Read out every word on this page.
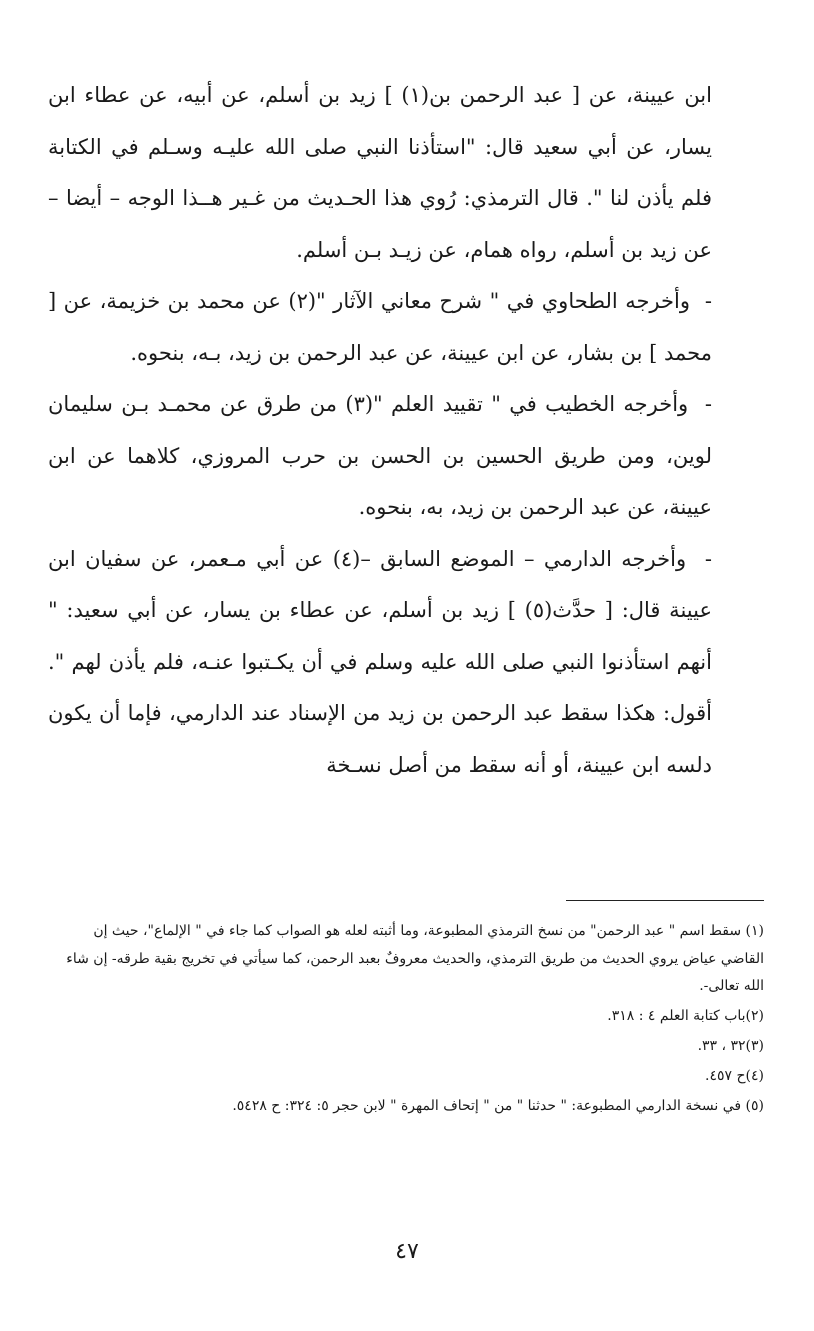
ابن عيينة، عن [ عبد الرحمن بن(١) ] زيد بن أسلم، عن أبيه، عن عطاء ابن يسار، عن أبي سعيد قال: "استأذنا النبي صلى الله عليـه وسـلم في الكتابة فلم يأذن لنا ". قال الترمذي: رُوي هذا الحـديث من غـير هــذا الوجه – أيضا – عن زيد بن أسلم، رواه همام، عن زيـد بـن أسلم.

-  وأخرجه الطحاوي في " شرح معاني الآثار "(٢) عن محمد بن خزيمة، عن [ محمد ] بن بشار، عن ابن عيينة، عن عبد الرحمن بن زيد، بـه، بنحوه.

-  وأخرجه الخطيب في " تقييد العلم "(٣) من طرق عن محمـد بـن سليمان لوين، ومن طريق الحسين بن الحسن بن حرب المروزي، كلاهما عن ابن عيينة، عن عبد الرحمن بن زيد، به، بنحوه.

-  وأخرجه الدارمي – الموضع السابق –(٤) عن أبي مـعمر، عن سفيان ابن عيينة قال: [ حدَّث(٥) ] زيد بن أسلم، عن عطاء بن يسار، عن أبي سعيد: " أنهم استأذنوا النبي صلى الله عليه وسلم في أن يكـتبوا عنـه، فلم يأذن لهم ". أقول: هكذا سقط عبد الرحمن بن زيد من الإسناد عند الدارمي، فإما أن يكون دلسه ابن عيينة، أو أنه سقط من أصل نسـخة

(١) سقط اسم " عبد الرحمن" من نسخ الترمذي المطبوعة، وما أثبته لعله هو الصواب كما جاء في " الإلماع"، حيث إن القاضي عياض يروي الحديث من طريق الترمذي، والحديث معروفٌ بعبد الرحمن، كما سيأتي في تخريج بقية طرقه- إن شاء الله تعالى-.

(٢)باب كتابة العلم ٤ : ٣١٨.

(٣)٣٢ ، ٣٣.

(٤)ح ٤٥٧.

(٥) في نسخة الدارمي المطبوعة: " حدثنا " من " إتحاف المهرة " لابن حجر ٥: ٣٢٤: ح ٥٤٢٨.

٤٧
